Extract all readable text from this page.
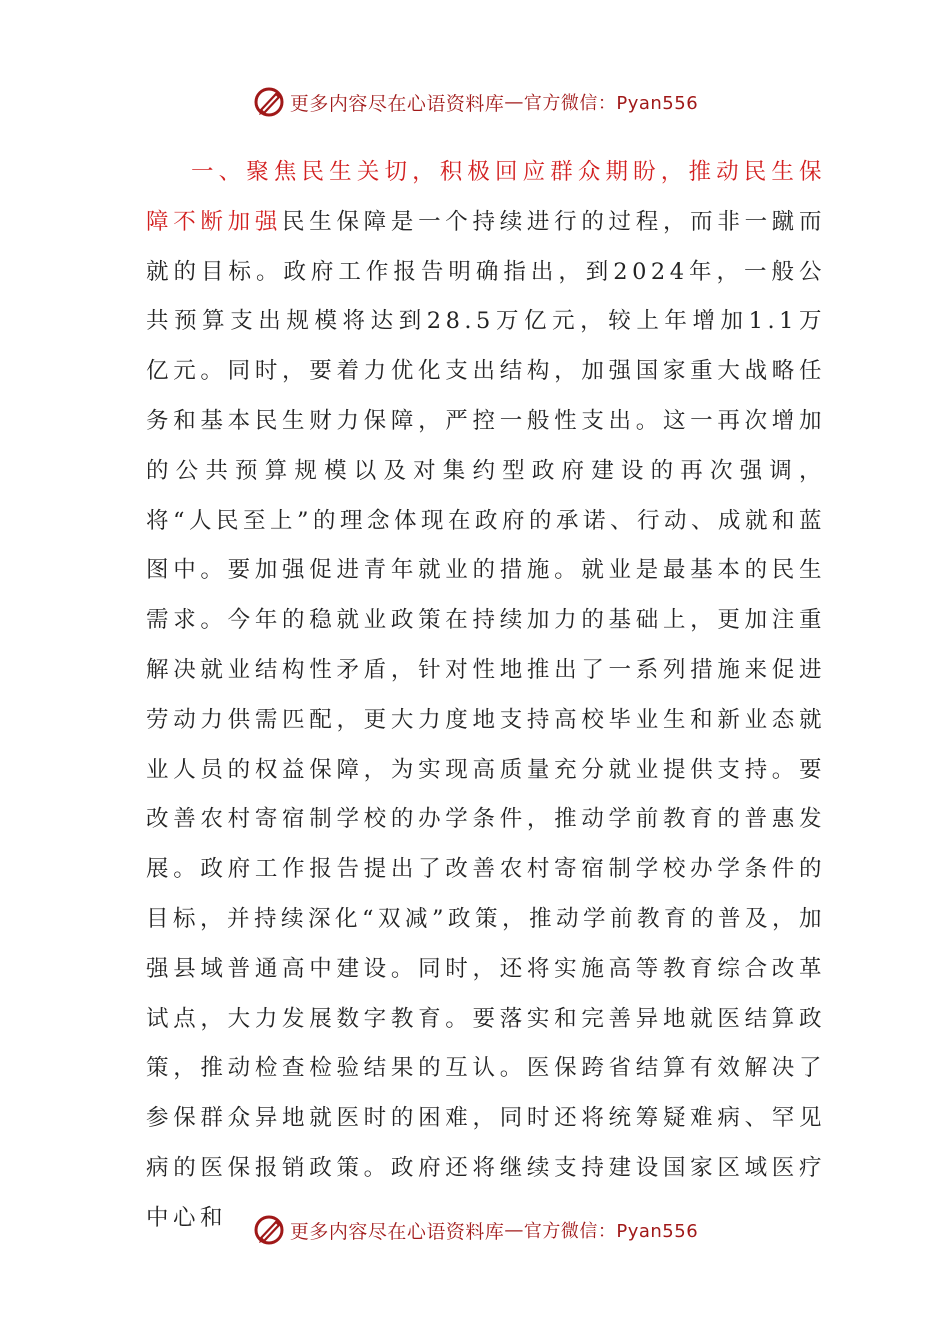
更多内容尽在心语资料库 — 官方微信：Pyan556

一、聚焦民生关切，积极回应群众期盼，推动民生保障不断加强民生保障是一个持续进行的过程，而非一蹴而就的目标。政府工作报告明确指出，到2024年，一般公共预算支出规模将达到28.5万亿元，较上年增加1.1万亿元。同时，要着力优化支出结构，加强国家重大战略任务和基本民生财力保障，严控一般性支出。这一再次增加的公共预算规模以及对集约型政府建设的再次强调，将“人民至上”的理念体现在政府的承诺、行动、成就和蓝图中。要加强促进青年就业的措施。就业是最基本的民生需求。今年的稳就业政策在持续加力的基础上，更加注重解决就业结构性矛盾，针对性地推出了一系列措施来促进劳动力供需匹配，更大力度地支持高校毕业生和新业态就业人员的权益保障，为实现高质量充分就业提供支持。要改善农村寄宿制学校的办学条件，推动学前教育的普惠发展。政府工作报告提出了改善农村寄宿制学校办学条件的目标，并持续深化“双减”政策，推动学前教育的普及，加强县域普通高中建设。同时，还将实施高等教育综合改革试点，大力发展数字教育。要落实和完善异地就医结算政策，推动检查检验结果的互认。医保跨省结算有效解决了参保群众异地就医时的困难，同时还将统筹疑难病、罕见病的医保报销政策。政府还将继续支持建设国家区域医疗中心和

更多内容尽在心语资料库 — 官方微信：Pyan556
